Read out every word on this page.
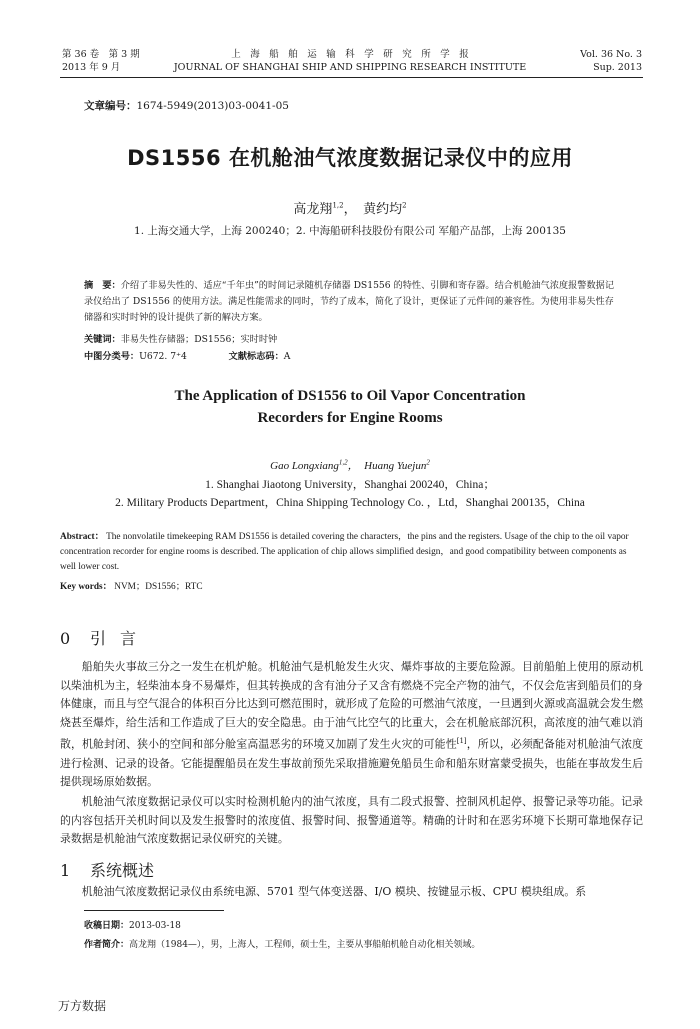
第 36 卷　第 3 期
2013 年 9 月
上　海　船　舶　运　输　科　学　研　究　所　学　报
JOURNAL OF SHANGHAI SHIP AND SHIPPING RESEARCH INSTITUTE
Vol. 36 No. 3
Sup. 2013
文章编号：1674-5949(2013)03-0041-05
DS1556 在机舱油气浓度数据记录仪中的应用
高龙翔$^{1,2}$，　黄约均$^2$
1. 上海交通大学，上海 200240；2. 中海船研科技股份有限公司 军船产品部，上海 200135
摘　要：介绍了非易失性的、适应“千年虫”的时间记录随机存储器 DS1556 的特性、引脚和寄存器。结合机舱油气浓度报警数据记录仪给出了 DS1556 的使用方法。满足性能需求的同时，节约了成本，简化了设计，更保证了元件间的兼容性。为使用非易失性存储器和实时时钟的设计提供了新的解决方案。
关键词：非易失性存储器；DS1556；实时时钟
中图分类号：U672. 7⁺4	文献标志码：A
The Application of DS1556 to Oil Vapor Concentration
Recorders for Engine Rooms
Gao Longxiang$^{1,2}$，　Huang Yuejun$^2$
1. Shanghai Jiaotong University，Shanghai 200240，China；
2. Military Products Department，China Shipping Technology Co. ，Ltd，Shanghai 200135，China
Abstract： The nonvolatile timekeeping RAM DS1556 is detailed covering the characters，the pins and the registers. Usage of the chip to the oil vapor concentration recorder for engine rooms is described. The application of chip allows simplified design，and good compatibility between components as well lower cost.
Key words： NVM；DS1556；RTC
0 引言

船舶失火事故三分之一发生在机炉舱。机舱油气是机舱发生火灾、爆炸事故的主要危险源。目前船舶上使用的原动机以柴油机为主，轻柴油本身不易爆炸，但其转换成的含有油分子又含有燃烧不完全产物的油气，不仅会危害到船员们的身体健康，而且与空气混合的体积百分比达到可燃范围时，就形成了危险的可燃油气浓度，一旦遇到火源或高温就会发生燃烧甚至爆炸，给生活和工作造成了巨大的安全隐患。由于油气比空气的比重大，会在机舱底部沉积，高浓度的油气难以消散，机舱封闭、狭小的空间和部分舱室高温恶劣的环境又加剧了发生火灾的可能性[1]，所以，必须配备能对机舱油气浓度进行检测、记录的设备。它能提醒船员在发生事故前预先采取措施避免船员生命和船东财富蒙受损失，也能在事故发生后提供现场原始数据。

机舱油气浓度数据记录仪可以实时检测机舱内的油气浓度，具有二段式报警、控制风机起停、报警记录等功能。记录的内容包括开关机时间以及发生报警时的浓度值、报警时间、报警通道等。精确的计时和在恶劣环境下长期可靠地保存记录数据是机舱油气浓度数据记录仪研究的关键。

1 系统概述

机舱油气浓度数据记录仪由系统电源、5701 型气体变送器、I/O 模块、按键显示板、CPU 模块组成。系

收稿日期：2013-03-18
作者简介：高龙翔（1984—），男，上海人，工程师，硕士生，主要从事船舶机舱自动化相关领域。
万方数据
